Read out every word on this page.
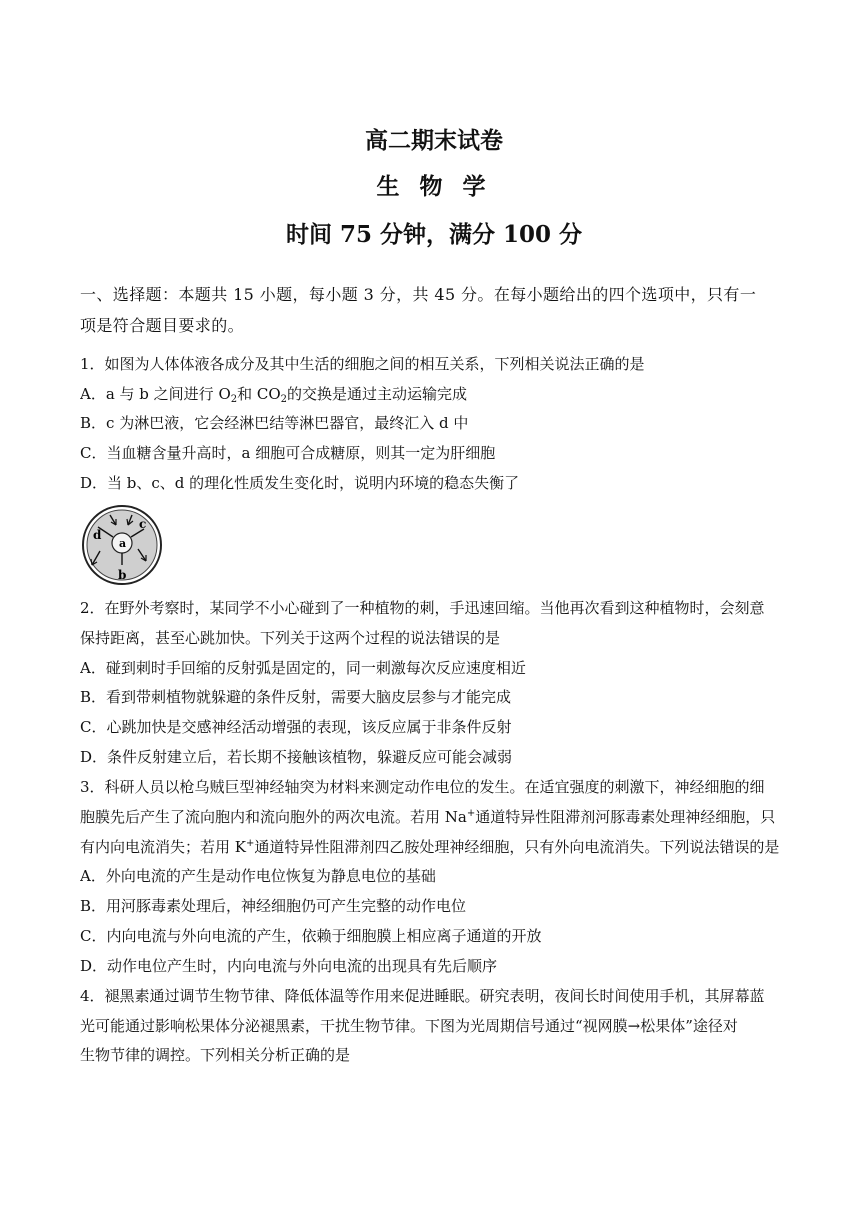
高二期末试卷
生 物 学
时间 75 分钟，满分 100 分
一、选择题：本题共 15 小题，每小题 3 分，共 45 分。在每小题给出的四个选项中，只有一
项是符合题目要求的。
1．如图为人体体液各成分及其中生活的细胞之间的相互关系，下列相关说法正确的是
A．a 与 b 之间进行 $O_2$和 $CO_2$的交换是通过主动运输完成
B．c 为淋巴液，它会经淋巴结等淋巴器官，最终汇入 d 中
C．当血糖含量升高时，a 细胞可合成糖原，则其一定为肝细胞
D．当 b、c、d 的理化性质发生变化时，说明内环境的稳态失衡了
a
b
c
d
2．在野外考察时，某同学不小心碰到了一种植物的刺，手迅速回缩。当他再次看到这种植物时，会刻意
保持距离，甚至心跳加快。下列关于这两个过程的说法错误的是
A．碰到刺时手回缩的反射弧是固定的，同一刺激每次反应速度相近
B．看到带刺植物就躲避的条件反射，需要大脑皮层参与才能完成
C．心跳加快是交感神经活动增强的表现，该反应属于非条件反射
D．条件反射建立后，若长期不接触该植物，躲避反应可能会减弱
3．科研人员以枪乌贼巨型神经轴突为材料来测定动作电位的发生。在适宜强度的刺激下，神经细胞的细
胞膜先后产生了流向胞内和流向胞外的两次电流。若用 Na+通道特异性阻滞剂河豚毒素处理神经细胞，只
有内向电流消失；若用 K+通道特异性阻滞剂四乙胺处理神经细胞，只有外向电流消失。下列说法错误的是
A．外向电流的产生是动作电位恢复为静息电位的基础
B．用河豚毒素处理后，神经细胞仍可产生完整的动作电位
C．内向电流与外向电流的产生，依赖于细胞膜上相应离子通道的开放
D．动作电位产生时，内向电流与外向电流的出现具有先后顺序
4．褪黑素通过调节生物节律、降低体温等作用来促进睡眠。研究表明，夜间长时间使用手机，其屏幕蓝
光可能通过影响松果体分泌褪黑素，干扰生物节律。下图为光周期信号通过“视网膜→松果体”途径对
生物节律的调控。下列相关分析正确的是
